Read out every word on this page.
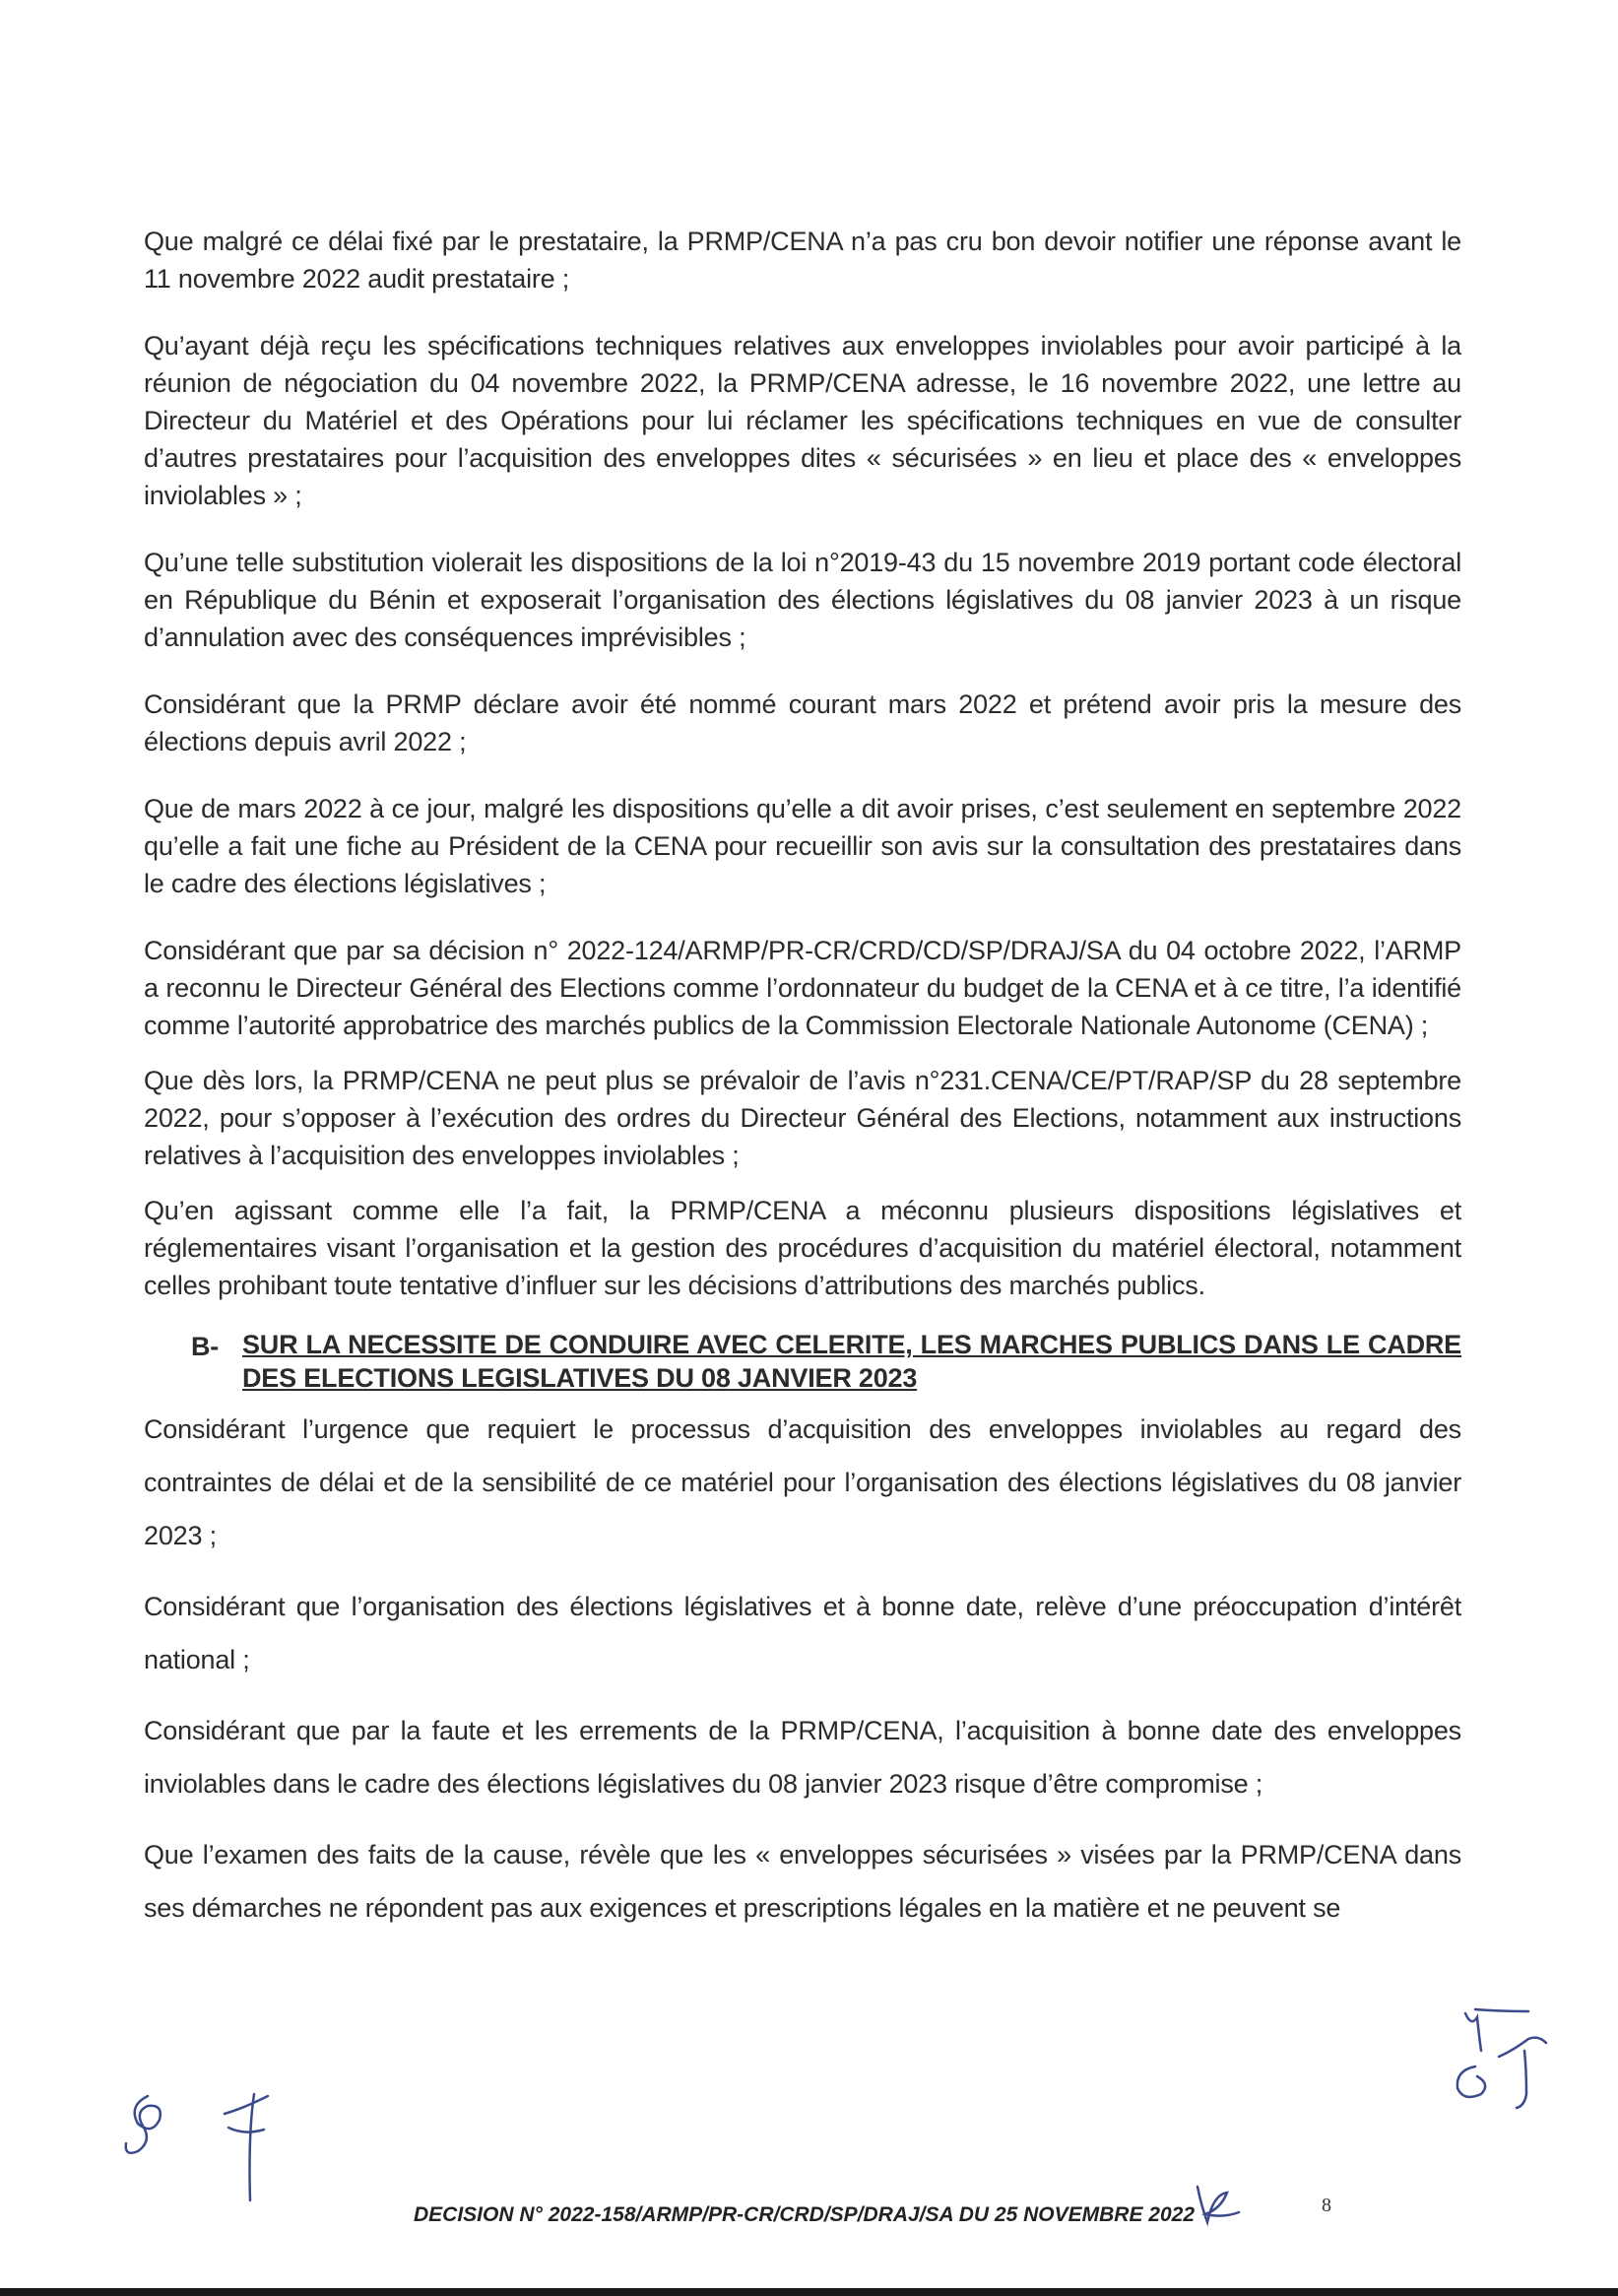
Que malgré ce délai fixé par le prestataire, la PRMP/CENA n’a pas cru bon devoir notifier une réponse avant le 11 novembre 2022 audit prestataire ;

Qu’ayant déjà reçu les spécifications techniques relatives aux enveloppes inviolables pour avoir participé à la réunion de négociation du 04 novembre 2022, la PRMP/CENA adresse, le 16 novembre 2022, une lettre au Directeur du Matériel et des Opérations pour lui réclamer les spécifications techniques en vue de consulter d’autres prestataires pour l’acquisition des enveloppes dites « sécurisées » en lieu et place des « enveloppes inviolables » ;

Qu’une telle substitution violerait les dispositions de la loi n°2019-43 du 15 novembre 2019 portant code électoral en République du Bénin et exposerait l’organisation des élections législatives du 08 janvier 2023 à un risque d’annulation avec des conséquences imprévisibles ;

Considérant que la PRMP déclare avoir été nommé courant mars 2022 et prétend avoir pris la mesure des élections depuis avril 2022 ;

Que de mars 2022 à ce jour, malgré les dispositions qu’elle a dit avoir prises, c’est seulement en septembre 2022 qu’elle a fait une fiche au Président de la CENA pour recueillir son avis sur la consultation des prestataires dans le cadre des élections législatives ;

Considérant que par sa décision n° 2022-124/ARMP/PR-CR/CRD/CD/SP/DRAJ/SA du 04 octobre 2022, l’ARMP a reconnu le Directeur Général des Elections comme l’ordonnateur du budget de la CENA et à ce titre, l’a identifié comme l’autorité approbatrice des marchés publics de la Commission Electorale Nationale Autonome (CENA) ;

Que dès lors, la PRMP/CENA ne peut plus se prévaloir de l’avis n°231.CENA/CE/PT/RAP/SP du 28 septembre 2022, pour s’opposer à l’exécution des ordres du Directeur Général des Elections, notamment aux instructions relatives à l’acquisition des enveloppes inviolables ;

Qu’en agissant comme elle l’a fait, la PRMP/CENA a méconnu plusieurs dispositions législatives et réglementaires visant l’organisation et la gestion des procédures d’acquisition du matériel électoral, notamment celles prohibant toute tentative d’influer sur les décisions d’attributions des marchés publics.

B- SUR LA NECESSITE DE CONDUIRE AVEC CELERITE, LES MARCHES PUBLICS DANS LE CADRE DES ELECTIONS LEGISLATIVES DU 08 JANVIER 2023

Considérant l’urgence que requiert le processus d’acquisition des enveloppes inviolables au regard des contraintes de délai et de la sensibilité de ce matériel pour l’organisation des élections législatives du 08 janvier 2023 ;

Considérant que l’organisation des élections législatives et à bonne date, relève d’une préoccupation d’intérêt national ;

Considérant que par la faute et les errements de la PRMP/CENA, l’acquisition à bonne date des enveloppes inviolables dans le cadre des élections législatives du 08 janvier 2023 risque d’être compromise ;

Que l’examen des faits de la cause, révèle que les « enveloppes sécurisées » visées par la PRMP/CENA dans ses démarches ne répondent pas aux exigences et prescriptions légales en la matière et ne peuvent se

DECISION N° 2022-158/ARMP/PR-CR/CRD/SP/DRAJ/SA DU 25 NOVEMBRE 2022	8
